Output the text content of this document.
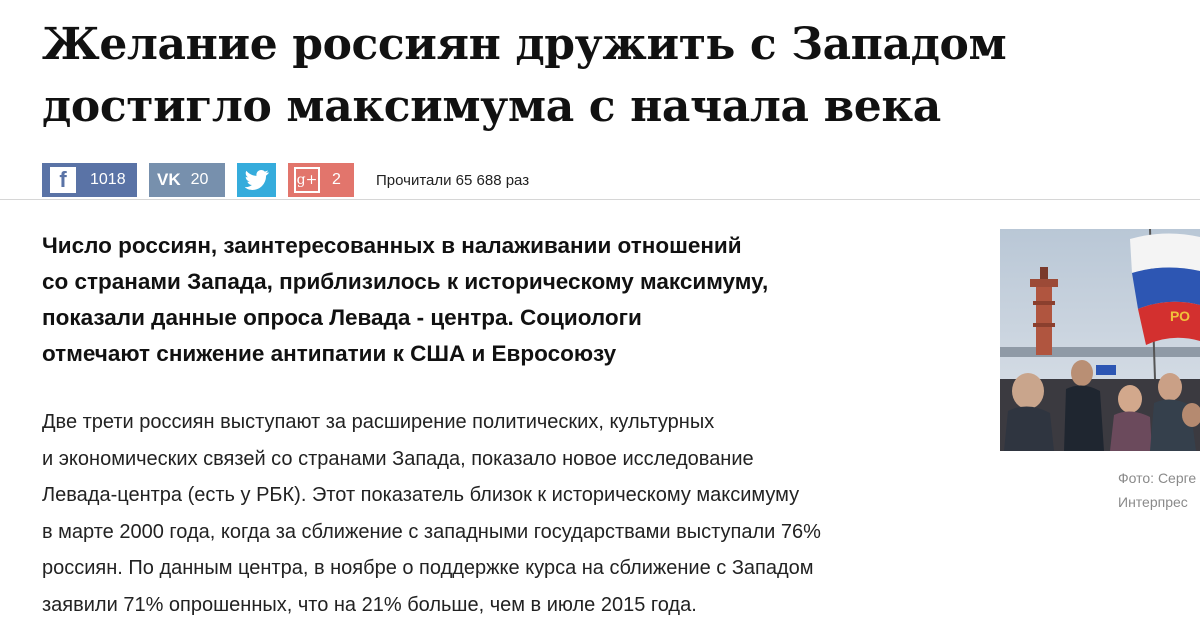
Желание россиян дружить с Западом достигло максимума с начала века
f	1018 VK 20	g+ 2 Прочитали 65 688 раз

Число россиян, заинтересованных в налаживании отношений
со странами Запада, приблизилось к историческому максимуму,
показали данные опроса Левада - центра. Социологи
отмечают снижение антипатии к США и Евросоюзу

Две трети россиян выступают за расширение политических, культурных
и экономических связей со странами Запада, показало новое исследование
Левада-центра (есть у РБК). Этот показатель близок к историческому максимуму
в марте 2000 года, когда за сближение с западными государствами выступали 76%
россиян. По данным центра, в ноябре о поддержке курса на сближение с Западом
заявили 71% опрошенных, что на 21% больше, чем в июле 2015 года.

РО
Фото: Серге
Интерпрес
